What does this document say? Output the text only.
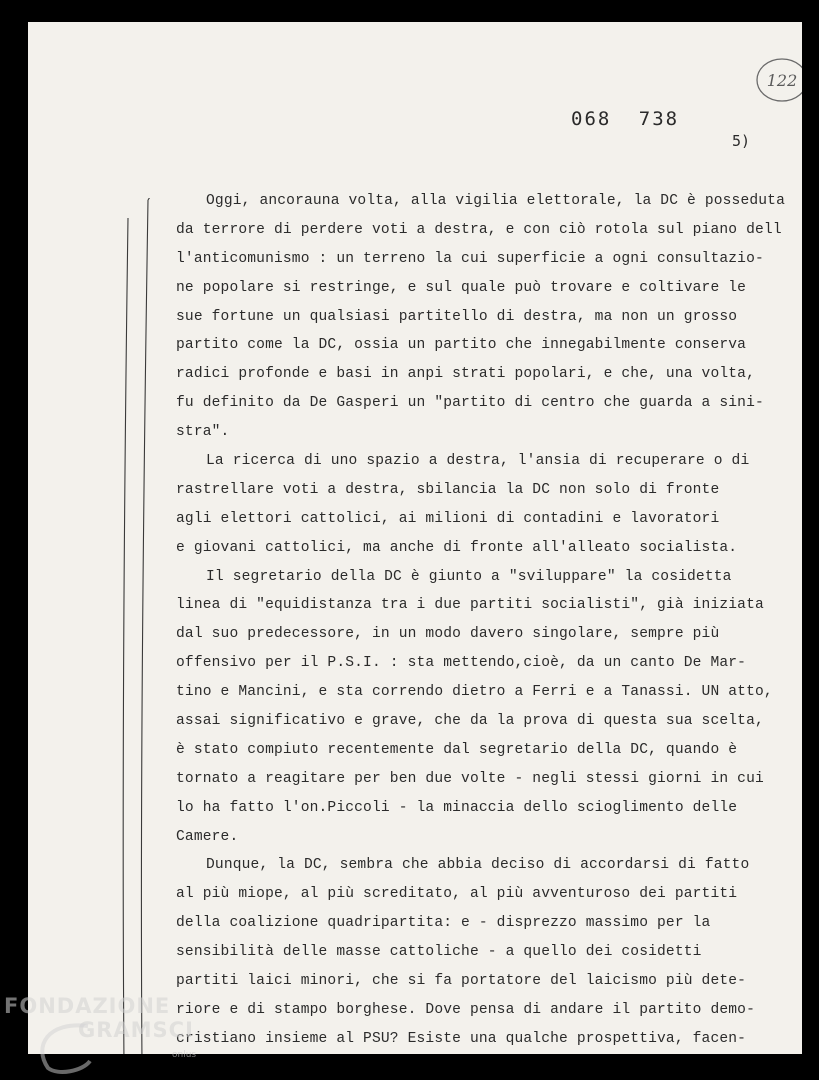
122
068 738
5)
Oggi, ancorauna volta, alla vigilia elettorale, la DC è posseduta
da terrore di perdere voti a destra, e con ciò rotola sul piano dell
l'anticomunismo : un terreno la cui superficie a ogni consultazio-
ne popolare si restringe, e sul quale può trovare e coltivare le
sue fortune un qualsiasi partitello di destra, ma non un grosso
partito come la DC, ossia un partito che innegabilmente conserva
radici profonde e basi in anpi strati popolari, e che, una volta,
fu definito da De Gasperi un "partito di centro che guarda a sini-
stra".
La ricerca di uno spazio a destra, l'ansia di recuperare o di
rastrellare voti a destra, sbilancia la DC non solo di fronte
agli elettori cattolici, ai milioni di contadini e lavoratori
e giovani cattolici, ma anche di fronte all'alleato socialista.
Il segretario della DC è giunto a "sviluppare" la cosidetta
linea di "equidistanza tra i due partiti socialisti", già iniziata
dal suo predecessore, in un modo davero singolare, sempre più
offensivo per il P.S.I. : sta mettendo,cioè, da un canto De Mar-
tino e Mancini, e sta correndo dietro a Ferri e a Tanassi. UN atto,
assai significativo e grave, che da la prova di questa sua scelta,
è stato compiuto recentemente dal segretario della DC, quando è
tornato a reagitare per ben due volte - negli stessi giorni in cui
lo ha fatto l'on.Piccoli - la minaccia dello scioglimento delle
Camere.
Dunque, la DC, sembra che abbia deciso di accordarsi di fatto
al più miope, al più screditato, al più avventuroso dei partiti
della coalizione quadripartita: e - disprezzo massimo per la
sensibilità delle masse cattoliche - a quello dei cosidetti
partiti laici minori, che si fa portatore del laicismo più dete-
riore e di stampo borghese. Dove pensa di andare il partito demo-
cristiano insieme al PSU? Esiste una qualche prospettiva, facen-
FONDAZIONE
GRAMSCI
onlus
